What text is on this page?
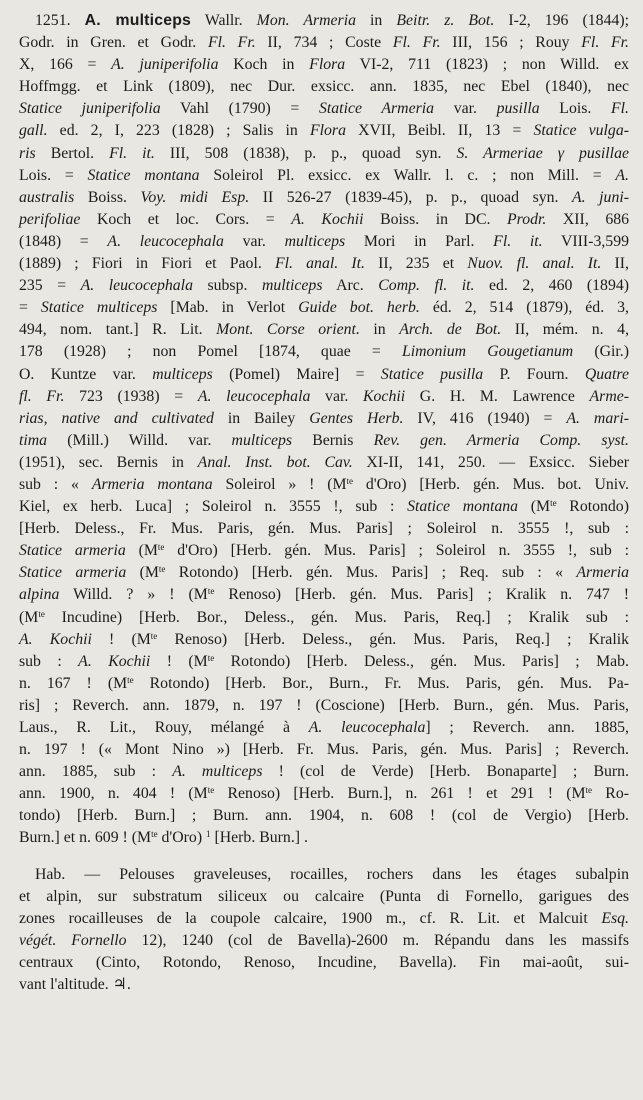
1251. A. multiceps Wallr. Mon. Armeria in Beitr. z. Bot. I-2, 196 (1844);
Godr. in Gren. et Godr. Fl. Fr. II, 734 ; Coste Fl. Fr. III, 156 ; Rouy Fl. Fr.
X, 166 = A. juniperifolia Koch in Flora VI-2, 711 (1823) ; non Willd. ex
Hoffmgg. et Link (1809), nec Dur. exsicc. ann. 1835, nec Ebel (1840), nec
Statice juniperifolia Vahl (1790) = Statice Armeria var. pusilla Lois. Fl.
gall. ed. 2, I, 223 (1828) ; Salis in Flora XVII, Beibl. II, 13 = Statice vulga-
ris Bertol. Fl. it. III, 508 (1838), p. p., quoad syn. S. Armeriae γ pusillae
Lois. = Statice montana Soleirol Pl. exsicc. ex Wallr. l. c. ; non Mill. = A.
australis Boiss. Voy. midi Esp. II 526-27 (1839-45), p. p., quoad syn. A. juni-
perifoliae Koch et loc. Cors. = A. Kochii Boiss. in DC. Prodr. XII, 686
(1848) = A. leucocephala var. multiceps Mori in Parl. Fl. it. VIII-3,599
(1889) ; Fiori in Fiori et Paol. Fl. anal. It. II, 235 et Nuov. fl. anal. It. II,
235 = A. leucocephala subsp. multiceps Arc. Comp. fl. it. ed. 2, 460 (1894)
= Statice multiceps [Mab. in Verlot Guide bot. herb. éd. 2, 514 (1879), éd. 3,
494, nom. tant.] R. Lit. Mont. Corse orient. in Arch. de Bot. II, mém. n. 4,
178 (1928) ; non Pomel [1874, quae = Limonium Gougetianum (Gir.)
O. Kuntze var. multiceps (Pomel) Maire] = Statice pusilla P. Fourn. Quatre
fl. Fr. 723 (1938) = A. leucocephala var. Kochii G. H. M. Lawrence Arme-
rias, native and cultivated in Bailey Gentes Herb. IV, 416 (1940) = A. mari-
tima (Mill.) Willd. var. multiceps Bernis Rev. gen. Armeria Comp. syst.
(1951), sec. Bernis in Anal. Inst. bot. Cav. XI-II, 141, 250. — Exsicc. Sieber
sub : « Armeria montana Soleirol » ! ($M^{te}$ d'Oro) [Herb. gén. Mus. bot. Univ.
Kiel, ex herb. Luca] ; Soleirol n. 3555 !, sub : Statice montana ($M^{te}$ Rotondo)
[Herb. Deless., Fr. Mus. Paris, gén. Mus. Paris] ; Soleirol n. 3555 !, sub :
Statice armeria ($M^{te}$ d'Oro) [Herb. gén. Mus. Paris] ; Soleirol n. 3555 !, sub :
Statice armeria ($M^{te}$ Rotondo) [Herb. gén. Mus. Paris] ; Req. sub : « Armeria
alpina Willd. ? » ! ($M^{te}$ Renoso) [Herb. gén. Mus. Paris] ; Kralik n. 747 !
($M^{te}$ Incudine) [Herb. Bor., Deless., gén. Mus. Paris, Req.] ; Kralik sub :
A. Kochii ! ($M^{te}$ Renoso) [Herb. Deless., gén. Mus. Paris, Req.] ; Kralik
sub : A. Kochii ! ($M^{te}$ Rotondo) [Herb. Deless., gén. Mus. Paris] ; Mab.
n. 167 ! ($M^{te}$ Rotondo) [Herb. Bor., Burn., Fr. Mus. Paris, gén. Mus. Pa-
ris] ; Reverch. ann. 1879, n. 197 ! (Coscione) [Herb. Burn., gén. Mus. Paris,
Laus., R. Lit., Rouy, mélangé à A. leucocephala] ; Reverch. ann. 1885,
n. 197 ! (« Mont Nino ») [Herb. Fr. Mus. Paris, gén. Mus. Paris] ; Reverch.
ann. 1885, sub : A. multiceps ! (col de Verde) [Herb. Bonaparte] ; Burn.
ann. 1900, n. 404 ! ($M^{te}$ Renoso) [Herb. Burn.], n. 261 ! et 291 ! ($M^{te}$ Ro-
tondo) [Herb. Burn.] ; Burn. ann. 1904, n. 608 ! (col de Vergio) [Herb.
Burn.] et n. 609 ! ($M^{te}$ d'Oro) $^1$ [Herb. Burn.] .

Hab. — Pelouses graveleuses, rocailles, rochers dans les étages subalpin
et alpin, sur substratum siliceux ou calcaire (Punta di Fornello, garigues des
zones rocailleuses de la coupole calcaire, 1900 m., cf. R. Lit. et Malcuit Esq.
végét. Fornello 12), 1240 (col de Bavella)-2600 m. Répandu dans les massifs
centraux (Cinto, Rotondo, Renoso, Incudine, Bavella). Fin mai-août, sui-
vant l'altitude. ♃.
